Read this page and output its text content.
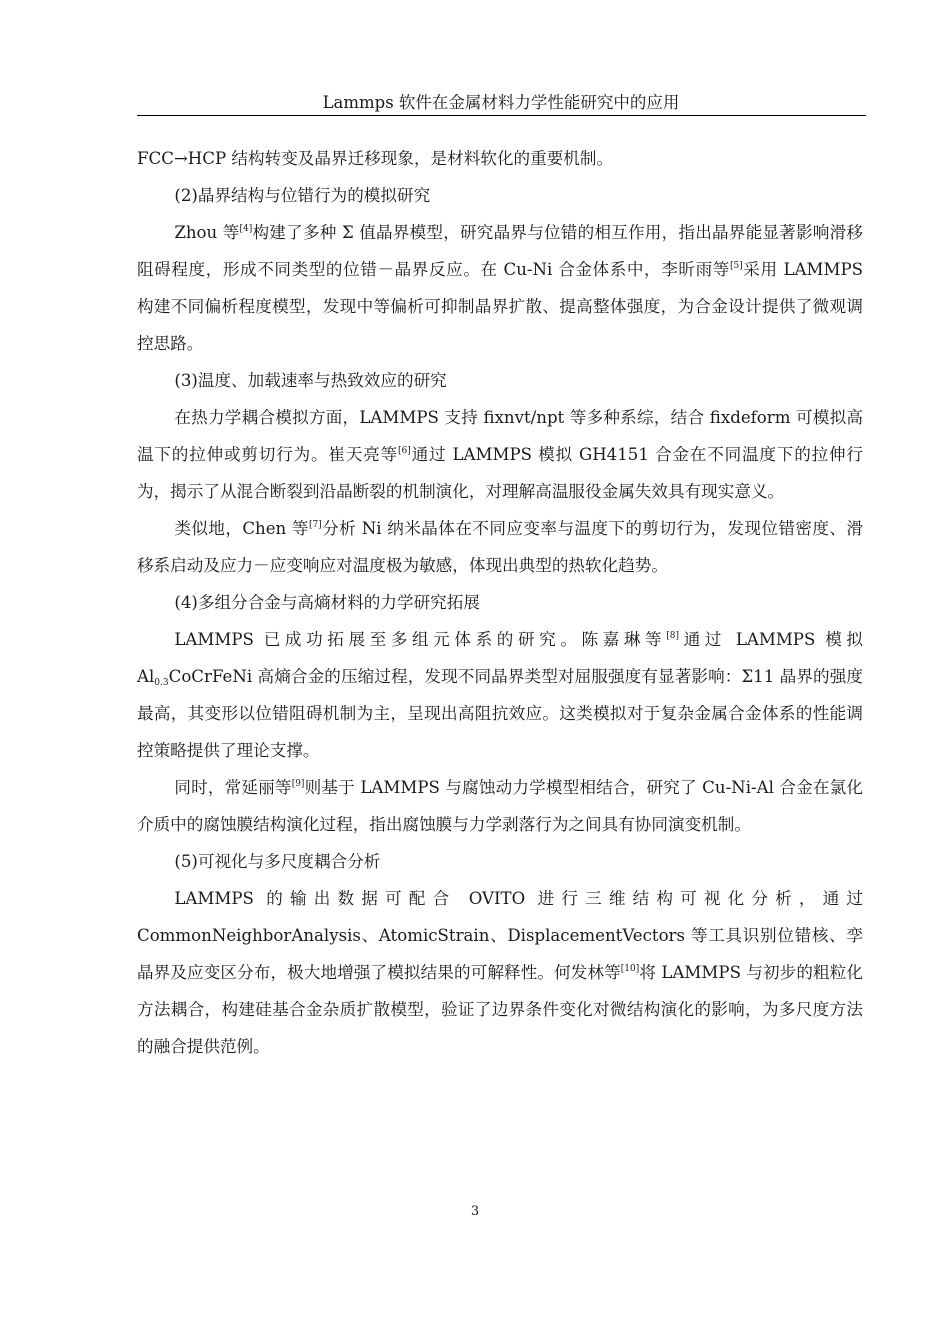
Lammps 软件在金属材料力学性能研究中的应用

FCC→HCP 结构转变及晶界迁移现象，是材料软化的重要机制。

(2)晶界结构与位错行为的模拟研究

Zhou 等[4]构建了多种 Σ 值晶界模型，研究晶界与位错的相互作用，指出晶界能显著影响滑移阻碍程度，形成不同类型的位错－晶界反应。在 Cu-Ni 合金体系中，李昕雨等[5]采用 LAMMPS 构建不同偏析程度模型，发现中等偏析可抑制晶界扩散、提高整体强度，为合金设计提供了微观调控思路。

(3)温度、加载速率与热致效应的研究

在热力学耦合模拟方面，LAMMPS 支持 fixnvt/npt 等多种系综，结合 fixdeform 可模拟高温下的拉伸或剪切行为。崔天亮等[6]通过 LAMMPS 模拟 GH4151 合金在不同温度下的拉伸行为，揭示了从混合断裂到沿晶断裂的机制演化，对理解高温服役金属失效具有现实意义。

类似地，Chen 等[7]分析 Ni 纳米晶体在不同应变率与温度下的剪切行为，发现位错密度、滑移系启动及应力－应变响应对温度极为敏感，体现出典型的热软化趋势。

(4)多组分合金与高熵材料的力学研究拓展

LAMMPS 已成功拓展至多组元体系的研究。陈嘉琳等[8]通过 LAMMPS 模拟 $Al_{0.3}CoCrFeNi$ 高熵合金的压缩过程，发现不同晶界类型对屈服强度有显著影响：Σ11 晶界的强度最高，其变形以位错阻碍机制为主，呈现出高阻抗效应。这类模拟对于复杂金属合金体系的性能调控策略提供了理论支撑。

同时，常延丽等[9]则基于 LAMMPS 与腐蚀动力学模型相结合，研究了 Cu-Ni-Al 合金在氯化介质中的腐蚀膜结构演化过程，指出腐蚀膜与力学剥落行为之间具有协同演变机制。

(5)可视化与多尺度耦合分析

LAMMPS 的输出数据可配合 OVITO 进行三维结构可视化分析，通过

CommonNeighborAnalysis、AtomicStrain、DisplacementVectors 等工具识别位错核、孪晶界及应变区分布，极大地增强了模拟结果的可解释性。何发林等[10]将 LAMMPS 与初步的粗粒化方法耦合，构建硅基合金杂质扩散模型，验证了边界条件变化对微结构演化的影响，为多尺度方法的融合提供范例。

3
